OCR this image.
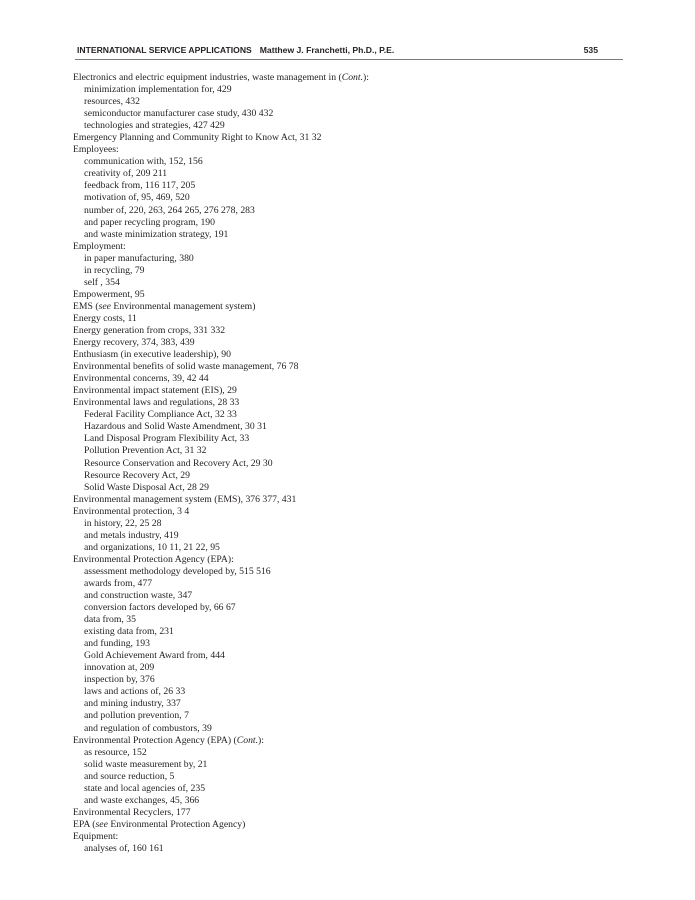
INTERNATIONAL SERVICE APPLICATIONS Matthew J. Franchetti, Ph.D., P.E.	535
Electronics and electric equipment industries, waste management in (Cont.):
minimization implementation for, 429
resources, 432
semiconductor manufacturer case study, 430 432
technologies and strategies, 427 429
Emergency Planning and Community Right to Know Act, 31 32
Employees:
communication with, 152, 156
creativity of, 209 211
feedback from, 116 117, 205
motivation of, 95, 469, 520
number of, 220, 263, 264 265, 276 278, 283
and paper recycling program, 190
and waste minimization strategy, 191
Employment:
in paper manufacturing, 380
in recycling, 79
self , 354
Empowerment, 95
EMS (see Environmental management system)
Energy costs, 11
Energy generation from crops, 331 332
Energy recovery, 374, 383, 439
Enthusiasm (in executive leadership), 90
Environmental benefits of solid waste management, 76 78
Environmental concerns, 39, 42 44
Environmental impact statement (EIS), 29
Environmental laws and regulations, 28 33
Federal Facility Compliance Act, 32 33
Hazardous and Solid Waste Amendment, 30 31
Land Disposal Program Flexibility Act, 33
Pollution Prevention Act, 31 32
Resource Conservation and Recovery Act, 29 30
Resource Recovery Act, 29
Solid Waste Disposal Act, 28 29
Environmental management system (EMS), 376 377, 431
Environmental protection, 3 4
in history, 22, 25 28
and metals industry, 419
and organizations, 10 11, 21 22, 95
Environmental Protection Agency (EPA):
assessment methodology developed by, 515 516
awards from, 477
and construction waste, 347
conversion factors developed by, 66 67
data from, 35
existing data from, 231
and funding, 193
Gold Achievement Award from, 444
innovation at, 209
inspection by, 376
laws and actions of, 26 33
and mining industry, 337
and pollution prevention, 7
and regulation of combustors, 39
Environmental Protection Agency (EPA) (Cont.):
as resource, 152
solid waste measurement by, 21
and source reduction, 5
state and local agencies of, 235
and waste exchanges, 45, 366
Environmental Recyclers, 177
EPA (see Environmental Protection Agency)
Equipment:
analyses of, 160 161
